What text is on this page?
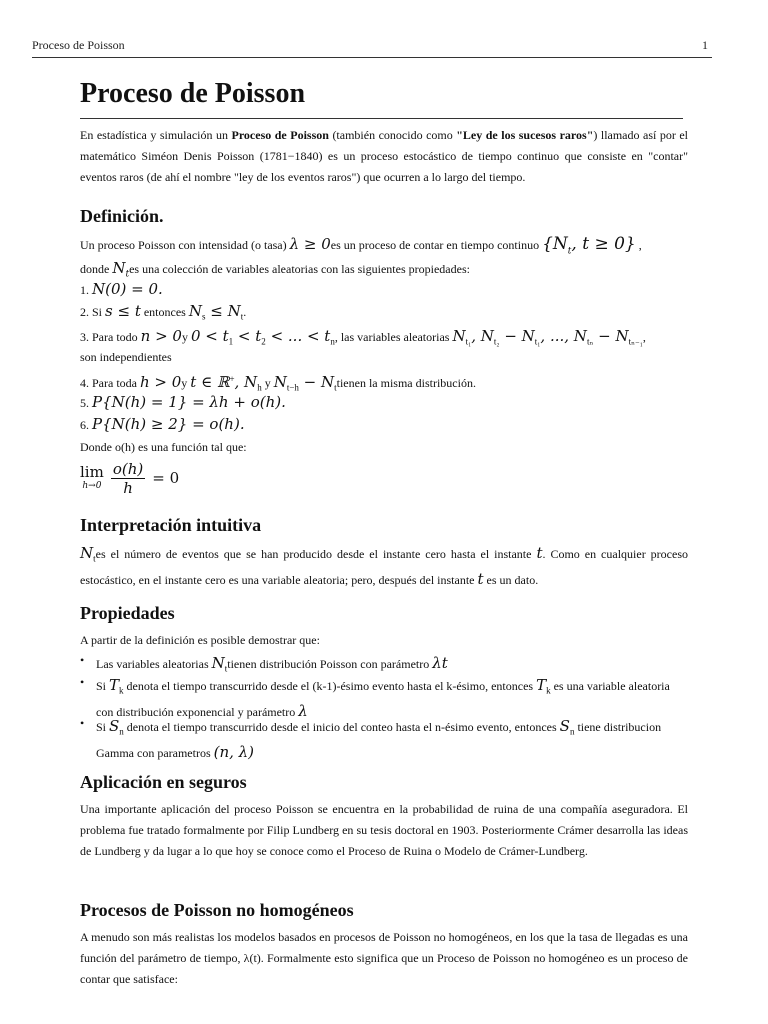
Proceso de Poisson	1
Proceso de Poisson
En estadística y simulación un Proceso de Poisson (también conocido como "Ley de los sucesos raros") llamado así por el matemático Siméon Denis Poisson (1781−1840) es un proceso estocástico de tiempo continuo que consiste en "contar" eventos raros (de ahí el nombre "ley de los eventos raros") que ocurren a lo largo del tiempo.
Definición.
Un proceso Poisson con intensidad (o tasa) λ ≥ 0es un proceso de contar en tiempo continuo {$N_t$, t ≥ 0} ,
donde $N_tes$ una colección de variables aleatorias con las siguientes propiedades:
1. N(0) = 0.
2. Si s ≤ t entonces $N_s \le N_t$.
3. Para todo n > 0y $0 < t_1 < t_2$ < ... < $t_n$, las variables aleatorias $N_{t_1}$, $N_{t_2} - N_{t_1}$, ..., $N_{t_n} - N_{t_{n-1}}$,
son independientes
4. Para toda h > 0y t ∈ ℝ+, $N_h$ y $N_{t-h}$ − $N_ttienen$ la misma distribución.
5. P{N(h) = 1} = λh + o(h).
6. P{N(h) ≥ 2} = o(h).
Donde o(h) es una función tal que:
lim
h→0
$\frac{o(h)}{h} = 0$
Interpretación intuitiva
$N_tes$ el número de eventos que se han producido desde el instante cero hasta el instante t. Como en cualquier proceso estocástico, en el instante cero es una variable aleatoria; pero, después del instante t es un dato.
Propiedades
A partir de la definición es posible demostrar que:
• Las variables aleatorias $N_ttienen$ distribución Poisson con parámetro λt
• Si $T_k$ denota el tiempo transcurrido desde el (k-1)-ésimo evento hasta el k-ésimo, entonces $T_k$ es una variable aleatoria con distribución exponencial y parámetro λ
• Si $S_n$ denota el tiempo transcurrido desde el inicio del conteo hasta el n-ésimo evento, entonces $S_n$ tiene distribucion Gamma con parametros (n, λ)
Aplicación en seguros
Una importante aplicación del proceso Poisson se encuentra en la probabilidad de ruina de una compañía aseguradora. El problema fue tratado formalmente por Filip Lundberg en su tesis doctoral en 1903. Posteriormente Crámer desarrolla las ideas de Lundberg y da lugar a lo que hoy se conoce como el Proceso de Ruina o Modelo de Crámer-Lundberg.
Procesos de Poisson no homogéneos
A menudo son más realistas los modelos basados en procesos de Poisson no homogéneos, en los que la tasa de llegadas es una función del parámetro de tiempo, λ(t). Formalmente esto significa que un Proceso de Poisson no homogéneo es un proceso de contar que satisface:
